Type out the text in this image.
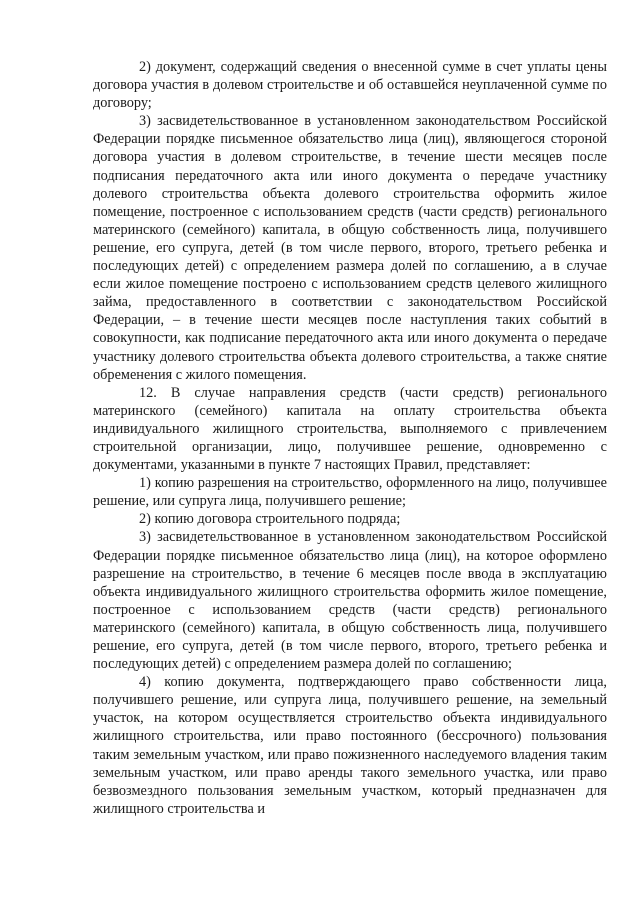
2) документ, содержащий сведения о внесенной сумме в счет уплаты цены договора участия в долевом строительстве и об оставшейся неуплаченной сумме по договору;

3) засвидетельствованное в установленном законодательством Российской Федерации порядке письменное обязательство лица (лиц), являющегося стороной договора участия в долевом строительстве, в течение шести месяцев после подписания передаточного акта или иного документа о передаче участнику долевого строительства объекта долевого строительства оформить жилое помещение, построенное с использованием средств (части средств) регионального материнского (семейного) капитала, в общую собственность лица, получившего решение, его супруга, детей (в том числе первого, второго, третьего ребенка и последующих детей) с определением размера долей по соглашению, а в случае если жилое помещение построено с использованием средств целевого жилищного займа, предоставленного в соответствии с законодательством Российской Федерации, – в течение шести месяцев после наступления таких событий в совокупности, как подписание передаточного акта или иного документа о передаче участнику долевого строительства объекта долевого строительства, а также снятие обременения с жилого помещения.

12. В случае направления средств (части средств) регионального материнского (семейного) капитала на оплату строительства объекта индивидуального жилищного строительства, выполняемого с привлечением строительной организации, лицо, получившее решение, одновременно с документами, указанными в пункте 7 настоящих Правил, представляет:

1) копию разрешения на строительство, оформленного на лицо, получившее решение, или супруга лица, получившего решение;

2) копию договора строительного подряда;

3) засвидетельствованное в установленном законодательством Российской Федерации порядке письменное обязательство лица (лиц), на которое оформлено разрешение на строительство, в течение 6 месяцев после ввода в эксплуатацию объекта индивидуального жилищного строительства оформить жилое помещение, построенное с использованием средств (части средств) регионального материнского (семейного) капитала, в общую собственность лица, получившего решение, его супруга, детей (в том числе первого, второго, третьего ребенка и последующих детей) с определением размера долей по соглашению;

4) копию документа, подтверждающего право собственности лица, получившего решение, или супруга лица, получившего решение, на земельный участок, на котором осуществляется строительство объекта индивидуального жилищного строительства, или право постоянного (бессрочного) пользования таким земельным участком, или право пожизненного наследуемого владения таким земельным участком, или право аренды такого земельного участка, или право безвозмездного пользования земельным участком, который предназначен для жилищного строительства и
